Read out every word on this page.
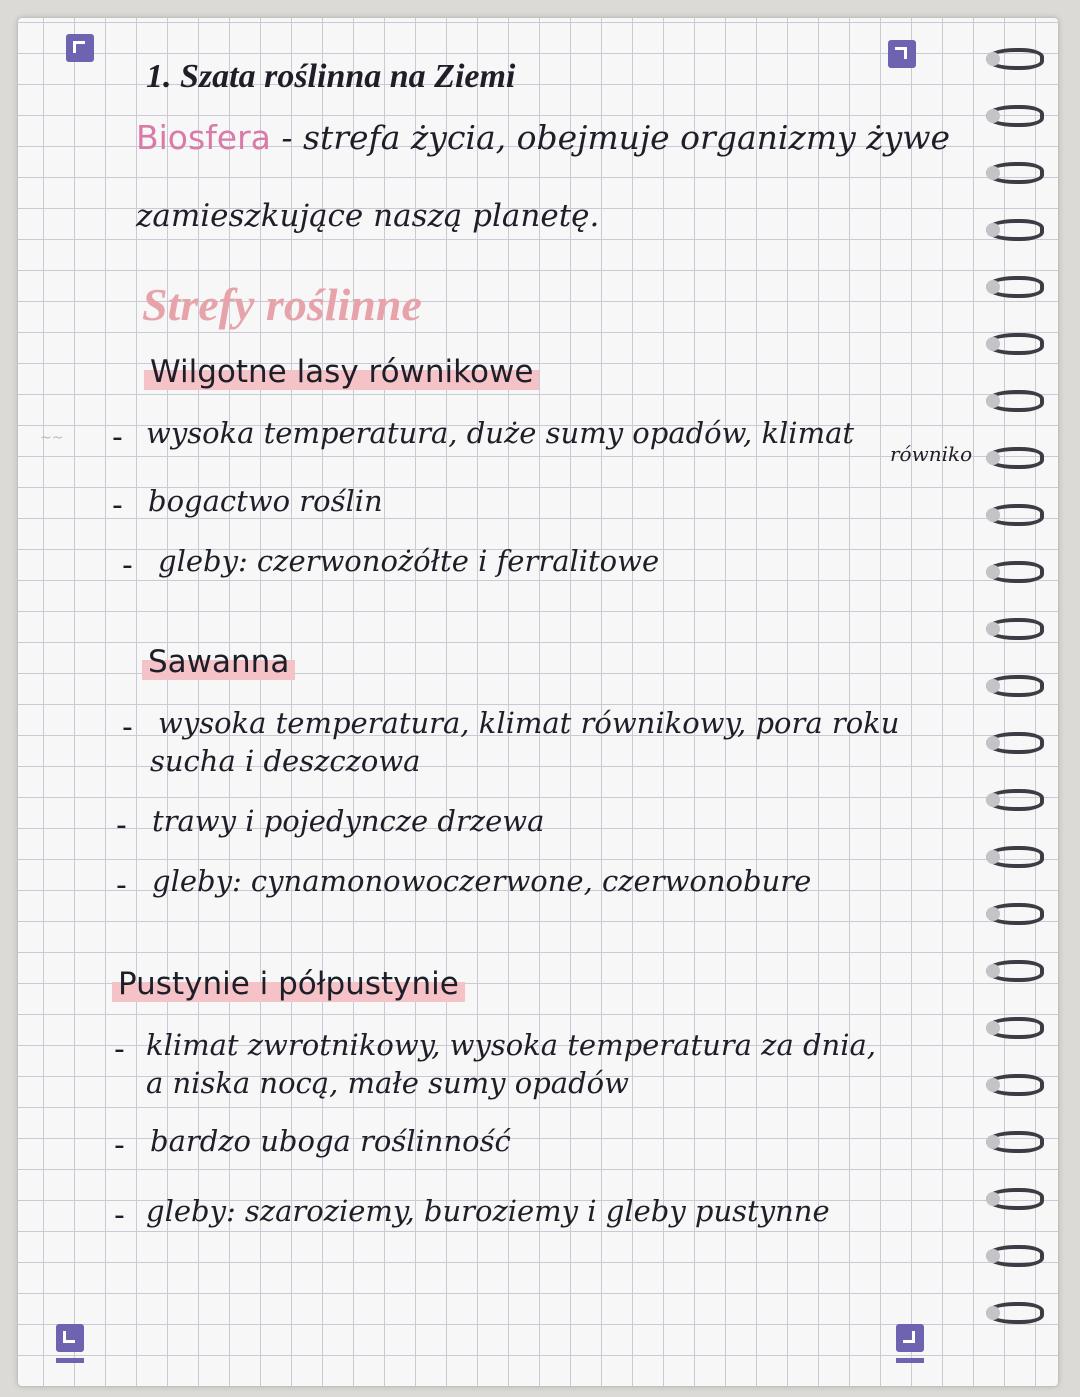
1. Szata roślinna na Ziemi
Biosfera - strefa życia, obejmuje organizmy żywe
zamieszkujące naszą planetę.
Strefy roślinne
~~
Wilgotne lasy równikowe
- wysoka temperatura, duże sumy opadów, klimat
równiko
- bogactwo roślin
- gleby: czerwonożółte i ferralitowe
Sawanna
- wysoka temperatura, klimat równikowy, pora roku
sucha i deszczowa
- trawy i pojedyncze drzewa
- gleby: cynamonowoczerwone, czerwonobure
Pustynie i półpustynie
- klimat zwrotnikowy, wysoka temperatura za dnia,
a niska nocą, małe sumy opadów
- bardzo uboga roślinność
- gleby: szaroziemy, buroziemy i gleby pustynne
